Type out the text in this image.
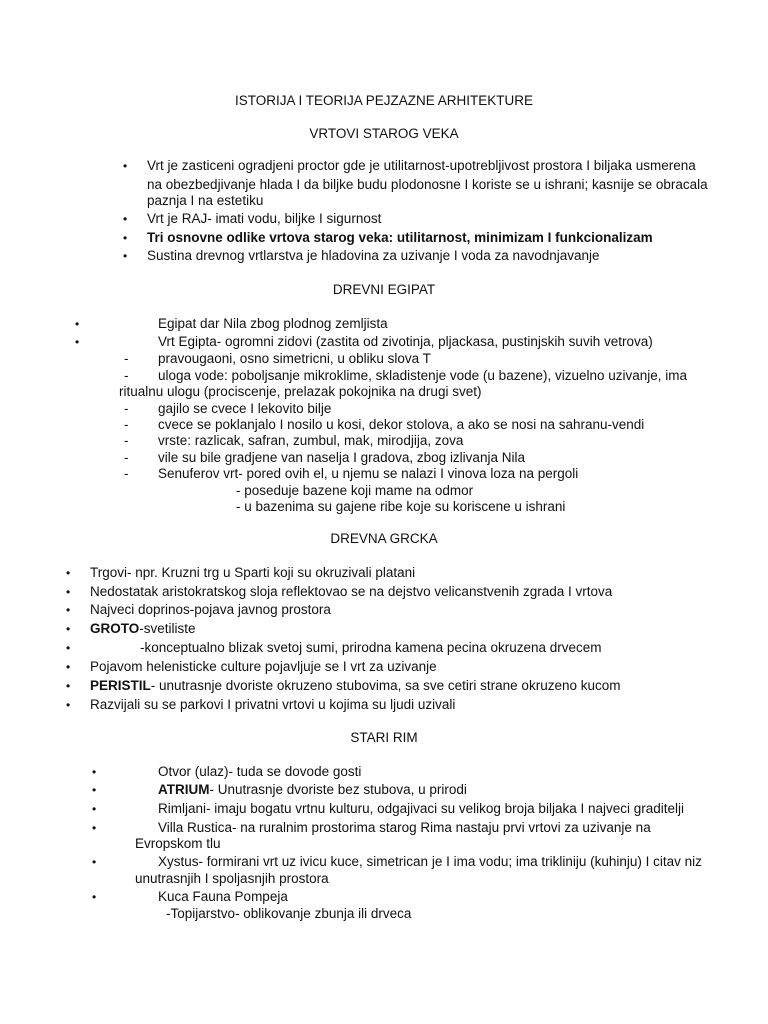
ISTORIJA I TEORIJA PEJZAZNE ARHITEKTURE
VRTOVI STAROG VEKA
• Vrt je zasticeni ogradjeni proctor gde je utilitarnost-upotrebljivost prostora I biljaka usmerena
na obezbedjivanje hlada I da biljke budu plodonosne I koriste se u ishrani; kasnije se obracala
paznja I na estetiku
• Vrt je RAJ- imati vodu, biljke I sigurnost
• Tri osnovne odlike vrtova starog veka: utilitarnost, minimizam I funkcionalizam
• Sustina drevnog vrtlarstva je hladovina za uzivanje I voda za navodnjavanje
DREVNI EGIPAT
•	Egipat dar Nila zbog plodnog zemljista
•	Vrt Egipta- ogromni zidovi (zastita od zivotinja, pljackasa, pustinjskih suvih vetrova)
- pravougaoni, osno simetricni, u obliku slova T
- uloga vode: poboljsanje mikroklime, skladistenje vode (u bazene), vizuelno uzivanje, ima
ritualnu ulogu (prociscenje, prelazak pokojnika na drugi svet)
- gajilo se cvece I lekovito bilje
- cvece se poklanjalo I nosilo u kosi, dekor stolova, a ako se nosi na sahranu-vendi
- vrste: razlicak, safran, zumbul, mak, mirodjija, zova
- vile su bile gradjene van naselja I gradova, zbog izlivanja Nila
- Senuferov vrt- pored ovih el, u njemu se nalazi I vinova loza na pergoli
- poseduje bazene koji mame na odmor
- u bazenima su gajene ribe koje su koriscene u ishrani
DREVNA GRCKA
• Trgovi- npr. Kruzni trg u Sparti koji su okruzivali platani
• Nedostatak aristokratskog sloja reflektovao se na dejstvo velicanstvenih zgrada I vrtova
• Najveci doprinos-pojava javnog prostora
• GROTO-svetiliste
•	-konceptualno blizak svetoj sumi, prirodna kamena pecina okruzena drvecem
• Pojavom helenisticke culture pojavljuje se I vrt za uzivanje
• PERISTIL- unutrasnje dvoriste okruzeno stubovima, sa sve cetiri strane okruzeno kucom
• Razvijali su se parkovi I privatni vrtovi u kojima su ljudi uzivali
STARI RIM
•	Otvor (ulaz)- tuda se dovode gosti
•	ATRIUM- Unutrasnje dvoriste bez stubova, u prirodi
•	Rimljani- imaju bogatu vrtnu kulturu, odgajivaci su velikog broja biljaka I najveci graditelji
•	Villa Rustica- na ruralnim prostorima starog Rima nastaju prvi vrtovi za uzivanje na
Evropskom tlu
•	Xystus- formirani vrt uz ivicu kuce, simetrican je I ima vodu; ima trikliniju (kuhinju) I citav niz
unutrasnjih I spoljasnjih prostora
•	Kuca Fauna Pompeja
-Topijarstvo- oblikovanje zbunja ili drveca
